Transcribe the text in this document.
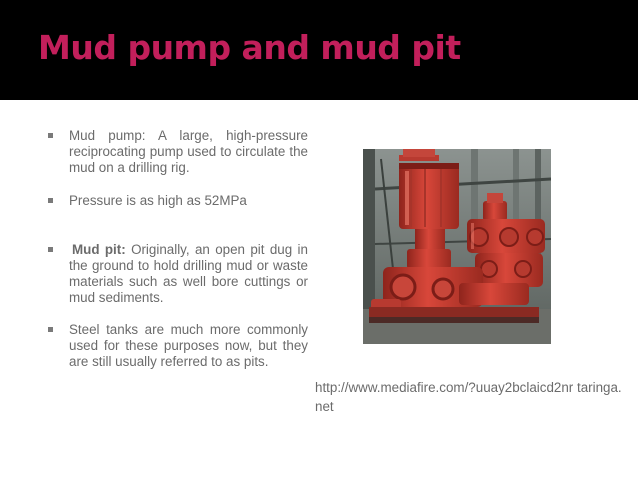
Mud pump and mud pit
Mud pump: A large, high-pressure reciprocating pump used to circulate the mud on a drilling rig.
Pressure is as high as 52MPa
Mud pit: Originally, an open pit dug in the ground to hold drilling mud or waste materials such as well bore cuttings or mud sediments.
Steel tanks are much more commonly used for these purposes now, but they are still usually referred to as pits.
http://www.mediafire.com/?uuay2bclaicd2nr taringa.net
